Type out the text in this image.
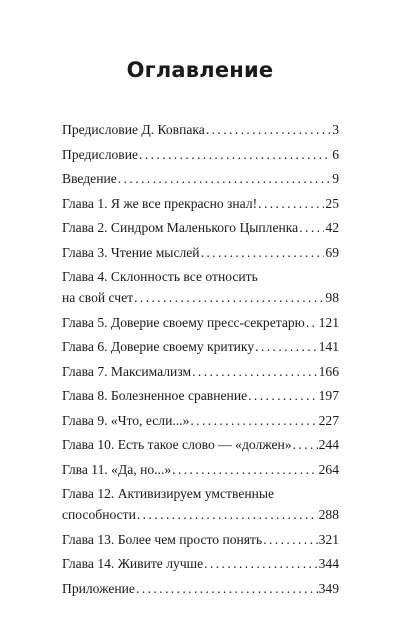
Оглавление
Предисловие Д. Ковпака . . .	3
Предисловие . . .	6
Введение . . .	9
Глава 1. Я же все прекрасно знал! . . .	25
Глава 2. Синдром Маленького Цыпленка . . . 42
Глава 3. Чтение мыслей . . .	69
Глава 4. Склонность все относить
на свой счет . . .	98
Глава 5. Доверие своему пресс-секретарю . . . 121
Глава 6. Доверие своему критику . . .	141
Глава 7. Максимализм . . .	166
Глава 8. Болезненное сравнение . . .	197
Глава 9. «Что, если...» . . .	227
Глава 10. Есть такое слово — «должен» . . . 244
Глва 11. «Да, но...» . . .	264
Глава 12. Активизируем умственные
способности . . .	288
Глава 13. Более чем просто понять . . .	321
Глава 14. Живите лучше . . .	344
Приложение . . .	349
